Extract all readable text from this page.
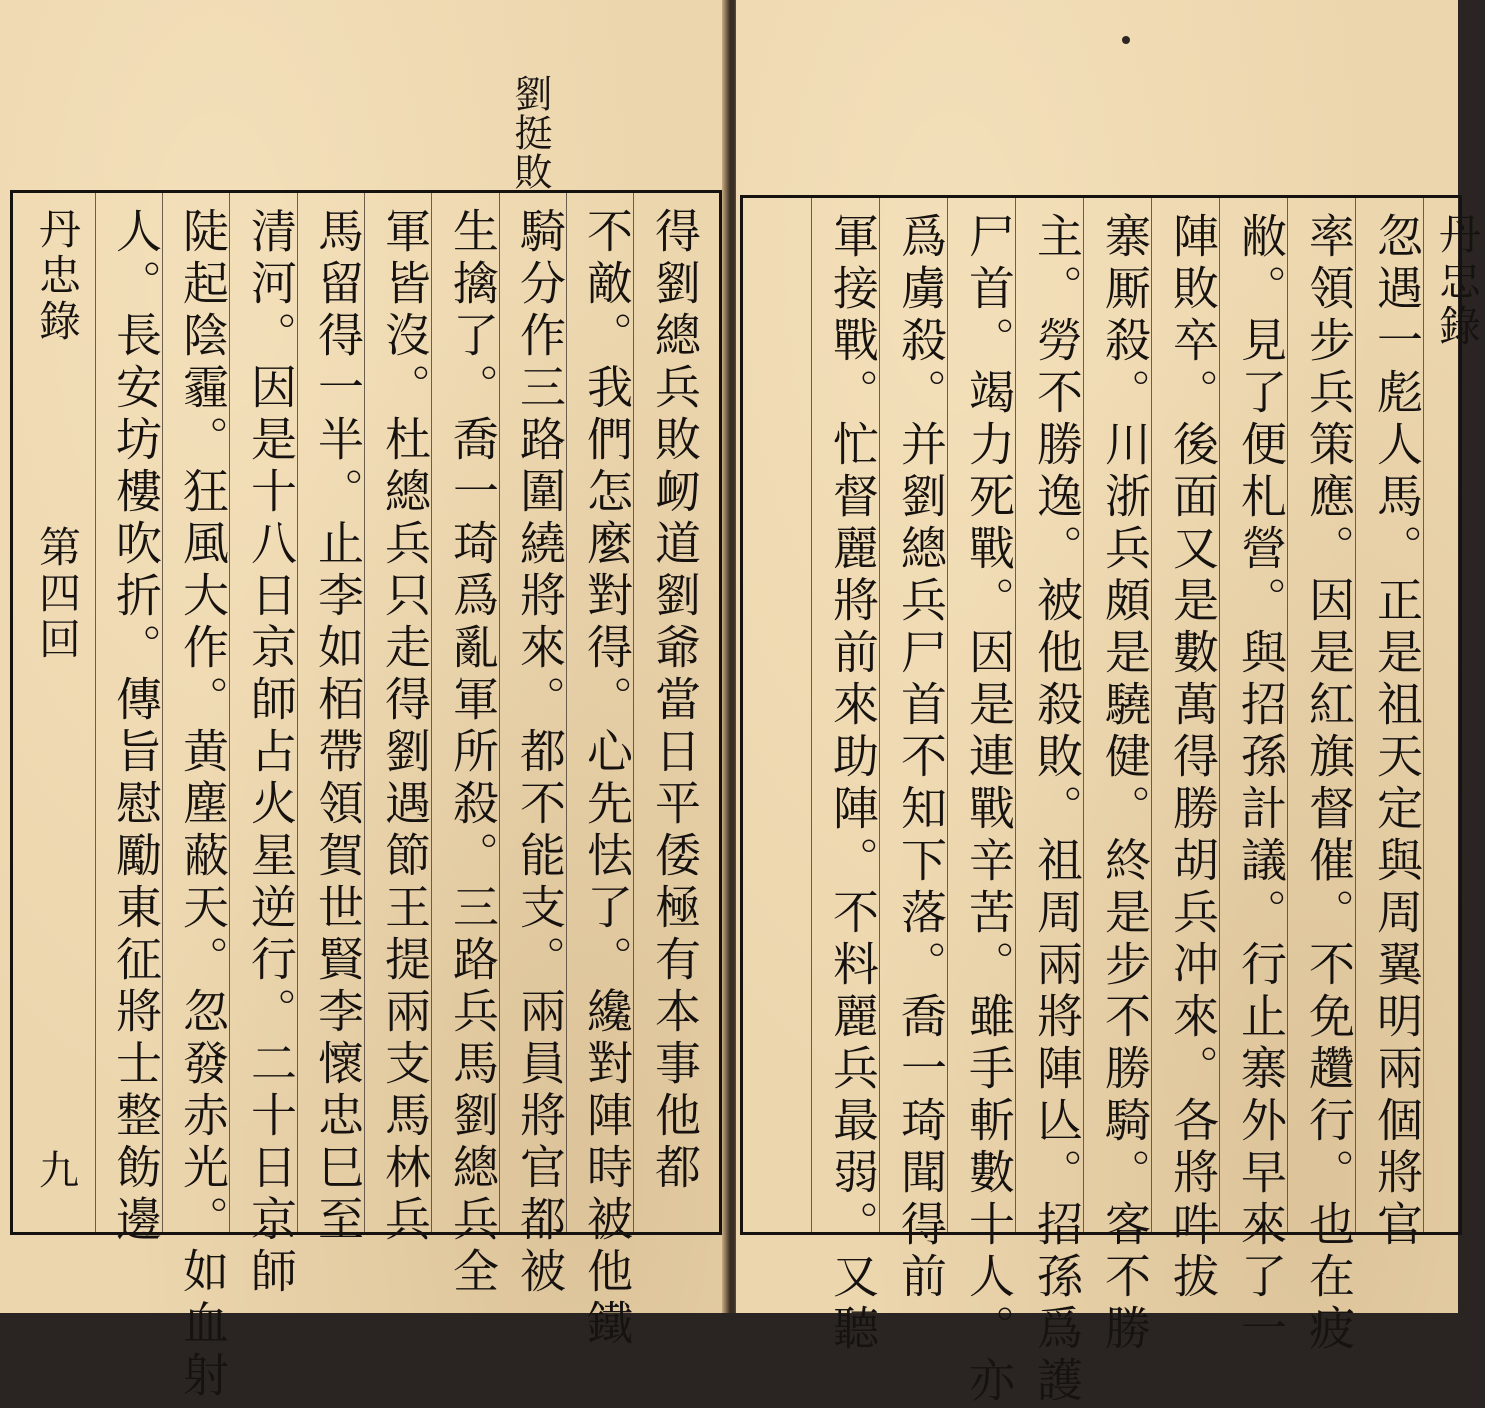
劉挺敗
丹忠錄第四回
九	得劉總兵敗衂道劉爺當日平倭極有本事他都
不敵。我們怎麼對得。心先怯了。纔對陣時被他鐵
騎分作三路圍繞將來。都不能支。兩員將官都被
生擒了。喬一琦爲亂軍所殺。三路兵馬劉總兵全
軍皆沒。杜總兵只走得劉遇節王提兩支馬林兵
馬留得一半。止李如栢帶領賀世賢李懷忠巳至
清河。因是十八日京師占火星逆行。二十日京師
陡起陰霾。狂風大作。黄塵蔽天。忽發赤光。如血射
人。長安坊樓吹折。傳旨慰勵東征將士整飭邊	丹忠錄
忽遇一彪人馬。正是祖天定與周翼明兩個將官
率領步兵策應。因是紅旗督催。不免趲行。也在疲
敝。見了便札營。與招孫計議。行止寨外早來了一
陣敗卒。後面又是數萬得勝胡兵冲來。各將吽拔
寨厮殺。川浙兵頗是驍健。終是步不勝騎。客不勝
主。勞不勝逸。被他殺敗。祖周兩將陣亾。招孫爲護
尸首。竭力死戰。因是連戰辛苦。雖手斬數十人。亦
爲虜殺。并劉總兵尸首不知下落。喬一琦聞得前
軍接戰。忙督麗將前來助陣。不料麗兵最弱。又聽
